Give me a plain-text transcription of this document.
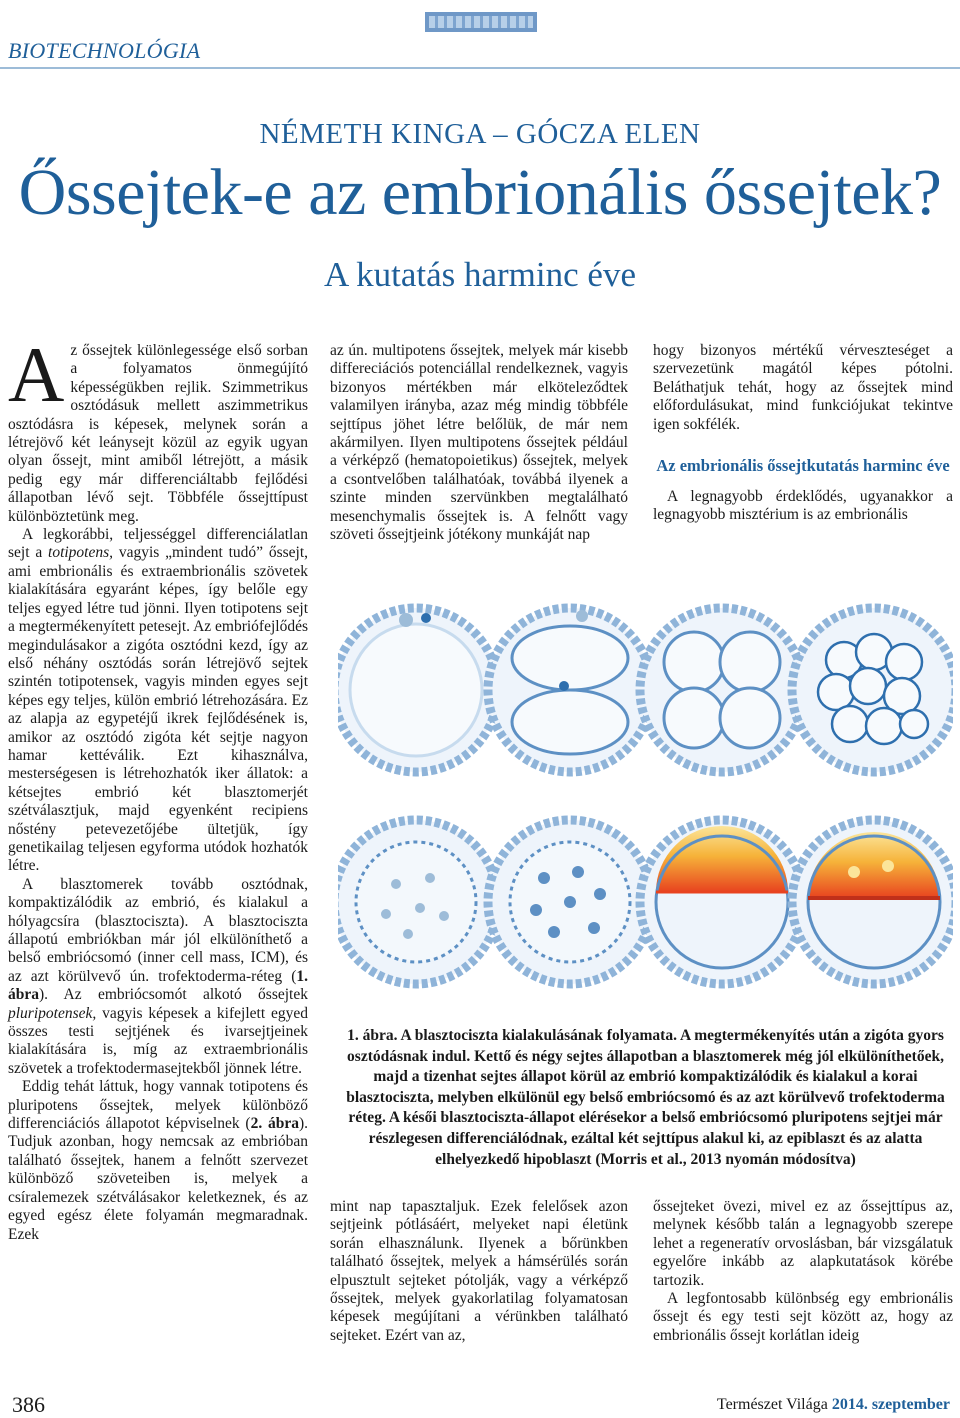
BIOTECHNOLÓGIA
NÉMETH KINGA – GÓCZA ELEN
Őssejtek-e az embrionális őssejtek?
A kutatás harminc éve

Az őssejtek különlegessége első sorban a folyamatos önmegújító képességükben rejlik. Szimmetrikus osztódásuk mellett aszimmetrikus osztódásra is képesek, melynek során a létrejövő két leánysejt közül az egyik ugyan olyan őssejt, mint amiből létrejött, a másik pedig egy már differenciáltabb fejlődési állapotban lévő sejt. Többféle őssejttípust különböztetünk meg.

A legkorábbi, teljességgel differenciálatlan sejt a totipotens, vagyis „mindent tudó” őssejt, ami embrionális és extraembrionális szövetek kialakítására egyaránt képes, így belőle egy teljes egyed létre tud jönni. Ilyen totipotens sejt a megtermékenyített petesejt. Az embriófejlődés megindulásakor a zigóta osztódni kezd, így az első néhány osztódás során létrejövő sejtek szintén totipotensek, vagyis minden egyes sejt képes egy teljes, külön embrió létrehozására. Ez az alapja az egypetéjű ikrek fejlődésének is, amikor az osztódó zigóta két sejtje nagyon hamar kettéválik. Ezt kihasználva, mesterségesen is létrehozhatók iker állatok: a kétsejtes embrió két blasztomerjét szétválasztjuk, majd egyenként recipiens nőstény petevezetőjébe ültetjük, így genetikailag teljesen egyforma utódok hozhatók létre.

A blasztomerek tovább osztódnak, kompaktizálódik az embrió, és kialakul a hólyagcsíra (blasztociszta). A blasztociszta állapotú embriókban már jól elkülöníthető a belső embriócsomó (inner cell mass, ICM), és az azt körülvevő ún. trofektoderma-réteg (1. ábra). Az embriócsomót alkotó őssejtek pluripotensek, vagyis képesek a kifejlett egyed összes testi sejtjének és ivarsejtjeinek kialakítására is, míg az extraembrionális szövetek a trofektodermasejtekből jönnek létre.

Eddig tehát láttuk, hogy vannak totipotens és pluripotens őssejtek, melyek különböző differenciációs állapotot képviselnek (2. ábra). Tudjuk azonban, hogy nemcsak az embrióban található őssejtek, hanem a felnőtt szervezet különböző szöveteiben is, melyek a csíralemezek szétválásakor keletkeznek, és az egyed egész élete folyamán megmaradnak. Ezek

az ún. multipotens őssejtek, melyek már kisebb differeciációs potenciállal rendelkeznek, vagyis bizonyos mértékben már elköteleződtek valamilyen irányba, azaz még mindig többféle sejttípus jöhet létre belőlük, de már nem akármilyen. Ilyen multipotens őssejtek például a vérképző (hematopoietikus) őssejtek, melyek a csontvelőben találhatóak, továbbá ilyenek a szinte minden szervünkben megtalálható mesenchymalis őssejtek is. A felnőtt vagy szöveti őssejtjeink jótékony munkáját nap

hogy bizonyos mértékű vérveszteséget a szervezetünk magától képes pótolni. Beláthatjuk tehát, hogy az őssejtek mind előfordulásukat, mind funkciójukat tekintve igen sokfélék.

Az embrionális őssejtkutatás harminc éve

A legnagyobb érdeklődés, ugyanakkor a legnagyobb misztérium is az embrionális

1. ábra. A blasztociszta kialakulásának folyamata. A megtermékenyítés után a zigóta gyors osztódásnak indul. Kettő és négy sejtes állapotban a blasztomerek még jól elkülöníthetőek, majd a tizenhat sejtes állapot körül az embrió kompaktizálódik és kialakul a korai blasztociszta, melyben elkülönül egy belső embriócsomó és az azt körülvevő trofektoderma réteg. A késői blasztociszta-állapot elérésekor a belső embriócsomó pluripotens sejtjei már részlegesen differenciálódnak, ezáltal két sejttípus alakul ki, az epiblaszt és az alatta elhelyezkedő hipoblaszt (Morris et al., 2013 nyomán módosítva)

mint nap tapasztaljuk. Ezek felelősek azon sejtjeink pótlásáért, melyeket napi életünk során elhasználunk. Ilyenek a bőrünkben található őssejtek, melyek a hámsérülés során elpusztult sejteket pótolják, vagy a vérképző őssejtek, melyek gyakorlatilag folyamatosan képesek megújítani a vérünkben található sejteket. Ezért van az,

őssejteket övezi, mivel ez az őssejttípus az, melynek később talán a legnagyobb szerepe lehet a regeneratív orvoslásban, bár vizsgálatuk egyelőre inkább az alapkutatások körébe tartozik.

A legfontosabb különbség egy embrionális őssejt és egy testi sejt között az, hogy az embrionális őssejt korlátlan ideig

386	Természet Világa 2014. szeptember
